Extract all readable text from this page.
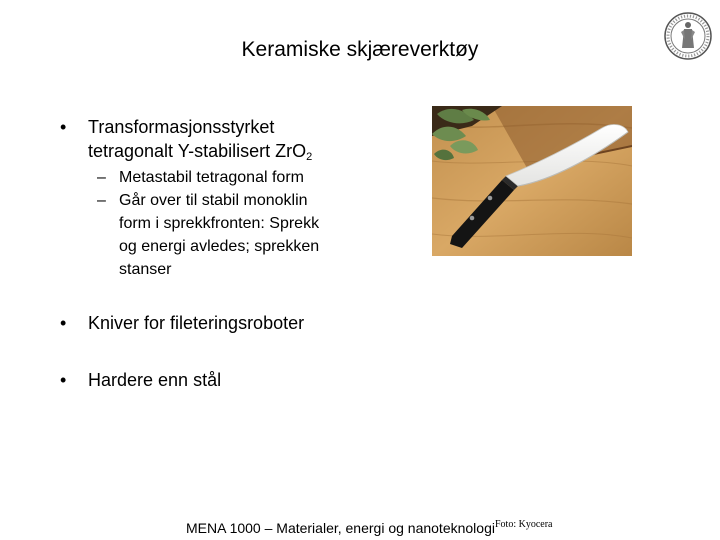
Keramiske skjæreverktøy
• Transformasjonsstyrket
tetragonalt Y-stabilisert ZrO$_2$
– Metastabil tetragonal form
– Går over til stabil monoklin
form i sprekkfronten: Sprekk
og energi avledes; sprekken
stanser
• Kniver for fileteringsroboter
• Hardere enn stål
MENA 1000 – Materialer, energi og nanoteknologi Foto: Kyocera
